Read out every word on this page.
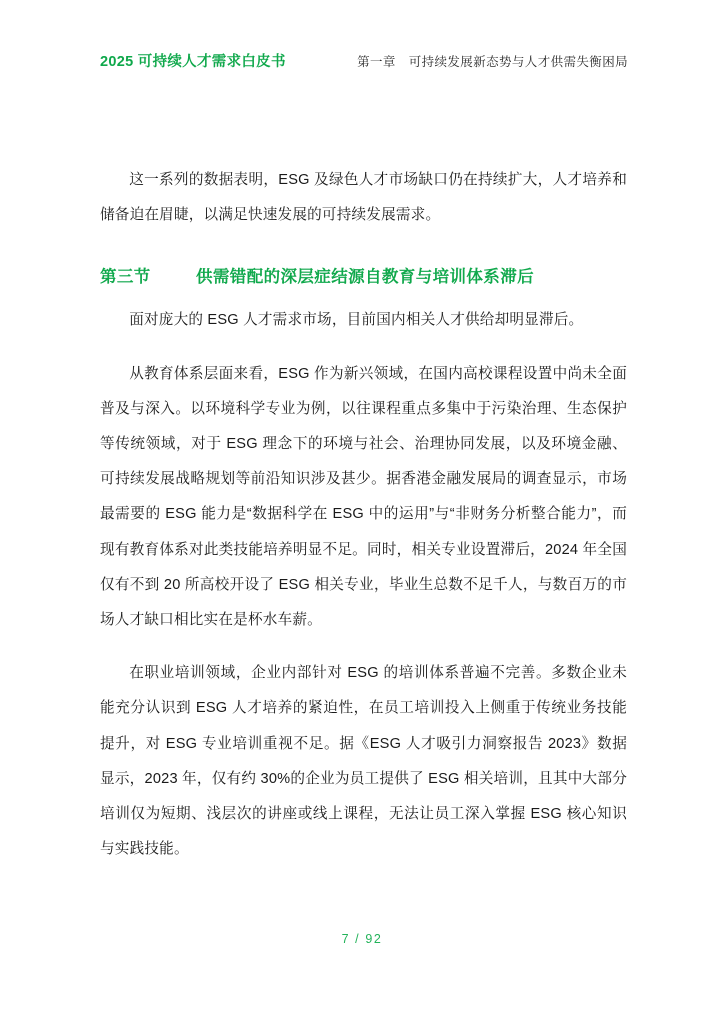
2025 可持续人才需求白皮书	第一章　可持续发展新态势与人才供需失衡困局

这一系列的数据表明，ESG 及绿色人才市场缺口仍在持续扩大，人才培养和储备迫在眉睫，以满足快速发展的可持续发展需求。

第三节	供需错配的深层症结源自教育与培训体系滞后

面对庞大的 ESG 人才需求市场，目前国内相关人才供给却明显滞后。

从教育体系层面来看，ESG 作为新兴领域，在国内高校课程设置中尚未全面普及与深入。以环境科学专业为例，以往课程重点多集中于污染治理、生态保护等传统领域，对于 ESG 理念下的环境与社会、治理协同发展，以及环境金融、可持续发展战略规划等前沿知识涉及甚少。据香港金融发展局的调查显示，市场最需要的 ESG 能力是“数据科学在 ESG 中的运用”与“非财务分析整合能力”，而现有教育体系对此类技能培养明显不足。同时，相关专业设置滞后，2024 年全国仅有不到 20 所高校开设了 ESG 相关专业，毕业生总数不足千人，与数百万的市场人才缺口相比实在是杯水车薪。

在职业培训领域，企业内部针对 ESG 的培训体系普遍不完善。多数企业未能充分认识到 ESG 人才培养的紧迫性，在员工培训投入上侧重于传统业务技能提升，对 ESG 专业培训重视不足。据《ESG 人才吸引力洞察报告 2023》数据显示，2023 年，仅有约 30%的企业为员工提供了 ESG 相关培训，且其中大部分培训仅为短期、浅层次的讲座或线上课程，无法让员工深入掌握 ESG 核心知识与实践技能。

7 / 92
